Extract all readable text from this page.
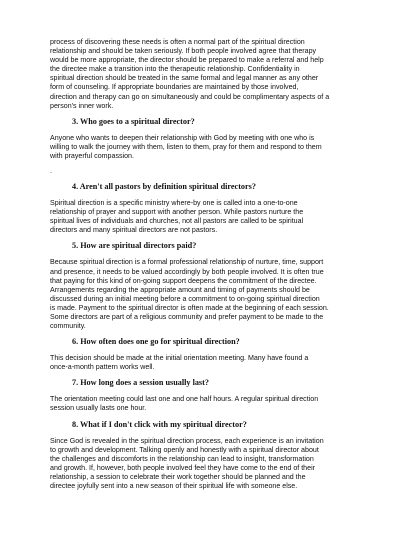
process of discovering these needs is often a normal part of the spiritual direction
relationship and should be taken seriously. If both people involved agree that therapy
would be more appropriate, the director should be prepared to make a referral and help
the directee make a transition into the therapeutic relationship. Confidentiality in
spiritual direction should be treated in the same formal and legal manner as any other
form of counseling. If appropriate boundaries are maintained by those involved,
direction and therapy can go on simultaneously and could be complimentary aspects of a
person's inner work.

3. Who goes to a spiritual director?

Anyone who wants to deepen their relationship with God by meeting with one who is
willing to walk the journey with them, listen to them, pray for them and respond to them
with prayerful compassion.

.

4. Aren't all pastors by definition spiritual directors?

Spiritual direction is a specific ministry where-by one is called into a one-to-one
relationship of prayer and support with another person. While pastors nurture the
spiritual lives of individuals and churches, not all pastors are called to be spiritual
directors and many spiritual directors are not pastors.

5. How are spiritual directors paid?

Because spiritual direction is a formal professional relationship of nurture, time, support
and presence, it needs to be valued accordingly by both people involved. It is often true
that paying for this kind of on-going support deepens the commitment of the directee.
Arrangements regarding the appropriate amount and timing of payments should be
discussed during an initial meeting before a commitment to on-going spiritual direction
is made. Payment to the spiritual director is often made at the beginning of each session.
Some directors are part of a religious community and prefer payment to be made to the
community.

6. How often does one go for spiritual direction?

This decision should be made at the initial orientation meeting. Many have found a
once-a-month pattern works well.

7. How long does a session usually last?

The orientation meeting could last one and one half hours. A regular spiritual direction
session usually lasts one hour.

8. What if I don't click with my spiritual director?

Since God is revealed in the spiritual direction process, each experience is an invitation
to growth and development. Talking openly and honestly with a spiritual director about
the challenges and discomforts in the relationship can lead to insight, transformation
and growth. If, however, both people involved feel they have come to the end of their
relationship, a session to celebrate their work together should be planned and the
directee joyfully sent into a new season of their spiritual life with someone else.
